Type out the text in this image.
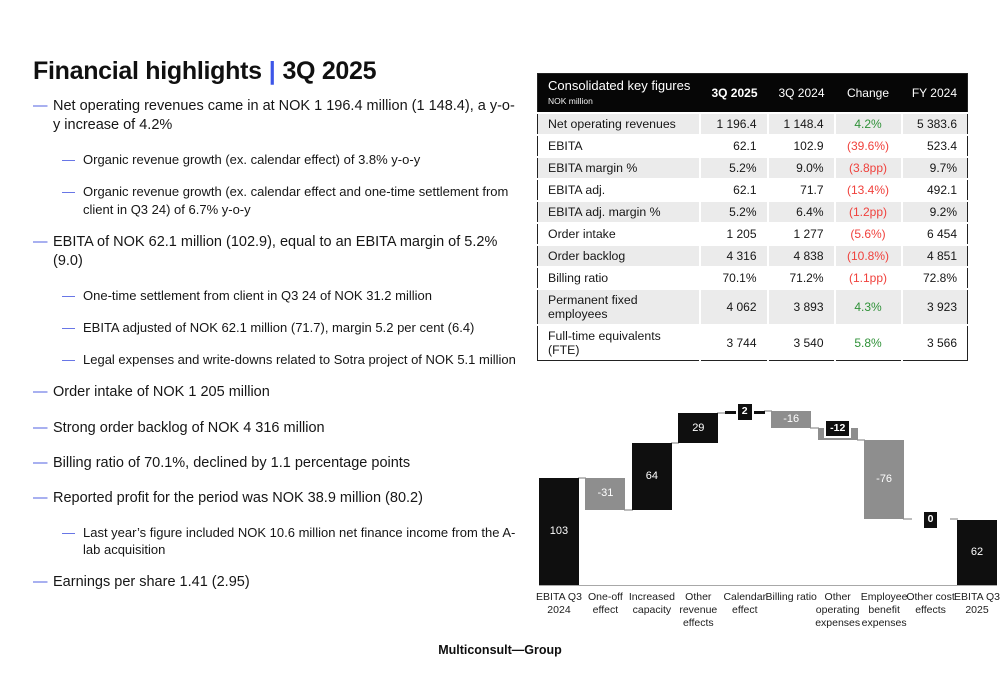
Financial highlights | 3Q 2025
— Net operating revenues came in at NOK 1 196.4 million (1 148.4), a y-o-y increase of 4.2%
— Organic revenue growth (ex. calendar effect) of 3.8% y-o-y
— Organic revenue growth (ex. calendar effect and one-time settlement from client in Q3 24) of 6.7% y-o-y
— EBITA of NOK 62.1 million (102.9), equal to an EBITA margin of 5.2% (9.0)
— One-time settlement from client in Q3 24 of NOK 31.2 million
— EBITA adjusted of NOK 62.1 million (71.7), margin 5.2 per cent (6.4)
— Legal expenses and write-downs related to Sotra project of NOK 5.1 million
— Order intake of NOK 1 205 million
— Strong order backlog of NOK 4 316 million
— Billing ratio of 70.1%, declined by 1.1 percentage points
— Reported profit for the period was NOK 38.9 million (80.2)
— Last year’s figure included NOK 10.6 million net finance income from the A-lab acquisition
— Earnings per share 1.41 (2.95)
Consolidated key figures
NOK million	3Q 2025	3Q 2024	Change	FY 2024
Net operating revenues	1 196.4	1 148.4	4.2%	5 383.6
EBITA	62.1	102.9	(39.6%)	523.4
EBITA margin %	5.2%	9.0%	(3.8pp)	9.7%
EBITA adj.	62.1	71.7	(13.4%)	492.1
EBITA adj. margin %	5.2%	6.4%	(1.2pp)	9.2%
Order intake	1 205	1 277	(5.6%)	6 454
Order backlog	4 316	4 838	(10.8%)	4 851
Billing ratio	70.1%	71.2%	(1.1pp)	72.8%
Permanent fixed employees	4 062	3 893	4.3%	3 923
Full-time equivalents (FTE)	3 744	3 540	5.8%	3 566
103
-31
64
29
2
-16
-12
-76
0
62
EBITA Q3 2024
One-off effect
Increased capacity
Other revenue effects
Calendar effect
Billing ratio Other operating expenses
Employee benefit expenses
Other cost effects
EBITA Q3 2025
Multiconsult—Group
